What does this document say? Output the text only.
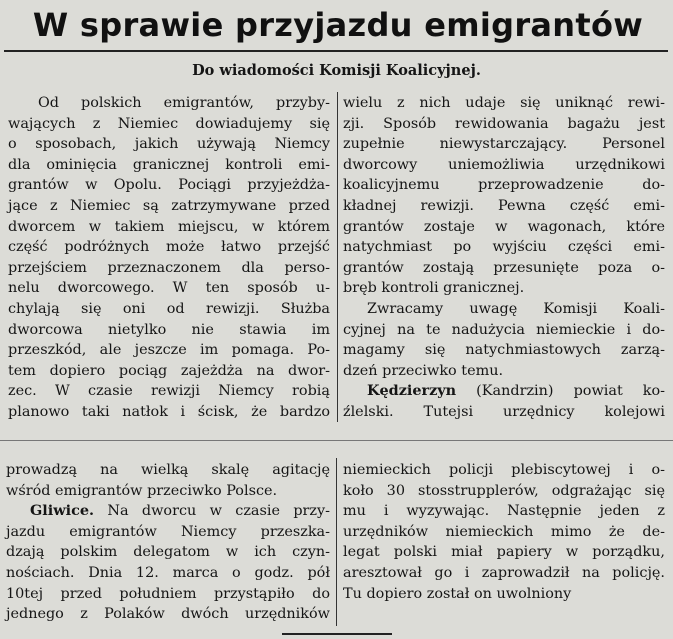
W sprawie przyjazdu emigrantów
Do wiadomości Komisji Koalicyjnej.
Od polskich emigrantów, przyby-
wających z Niemiec dowiadujemy się
o sposobach, jakich używają Niemcy
dla ominięcia granicznej kontroli emi-
grantów w Opolu. Pociągi przyjeżdża-
jące z Niemiec są zatrzymywane przed
dworcem w takiem miejscu, w którem
część podróżnych może łatwo przejść
przejściem przeznaczonem dla perso-
nelu dworcowego. W ten sposób u-
chylają się oni od rewizji. Służba
dworcowa nietylko nie stawia im
przeszkód, ale jeszcze im pomaga. Po-
tem dopiero pociąg zajeżdża na dwor-
zec. W czasie rewizji Niemcy robią
planowo taki natłok i ścisk, że bardzo
wielu z nich udaje się uniknąć rewi-
zji. Sposób rewidowania bagażu jest
zupełnie niewystarczający. Personel
dworcowy uniemożliwia urzędnikowi
koalicyjnemu przeprowadzenie do-
kładnej rewizji. Pewna część emi-
grantów zostaje w wagonach, które
natychmiast po wyjściu części emi-
grantów zostają przesunięte poza o-
bręb kontroli granicznej.
Zwracamy uwagę Komisji Koali-
cyjnej na te nadużycia niemieckie i do-
magamy się natychmiastowych zarzą-
dzeń przeciwko temu.
Kędzierzyn (Kandrzin) powiat ko-
źlelski. Tutejsi urzędnicy kolejowi
prowadzą na wielką skalę agitację
wśród emigrantów przeciwko Polsce.
Gliwice. Na dworcu w czasie przy-
jazdu emigrantów Niemcy przeszka-
dzają polskim delegatom w ich czyn-
nościach. Dnia 12. marca o godz. pół
10tej przed południem przystąpiło do
jednego z Polaków dwóch urzędników
niemieckich policji plebiscytowej i o-
koło 30 stosstrupplerów, odgrażając się
mu i wyzywając. Następnie jeden z
urzędników niemieckich mimo że de-
legat polski miał papiery w porządku,
aresztował go i zaprowadził na policję.
Tu dopiero został on uwolniony
